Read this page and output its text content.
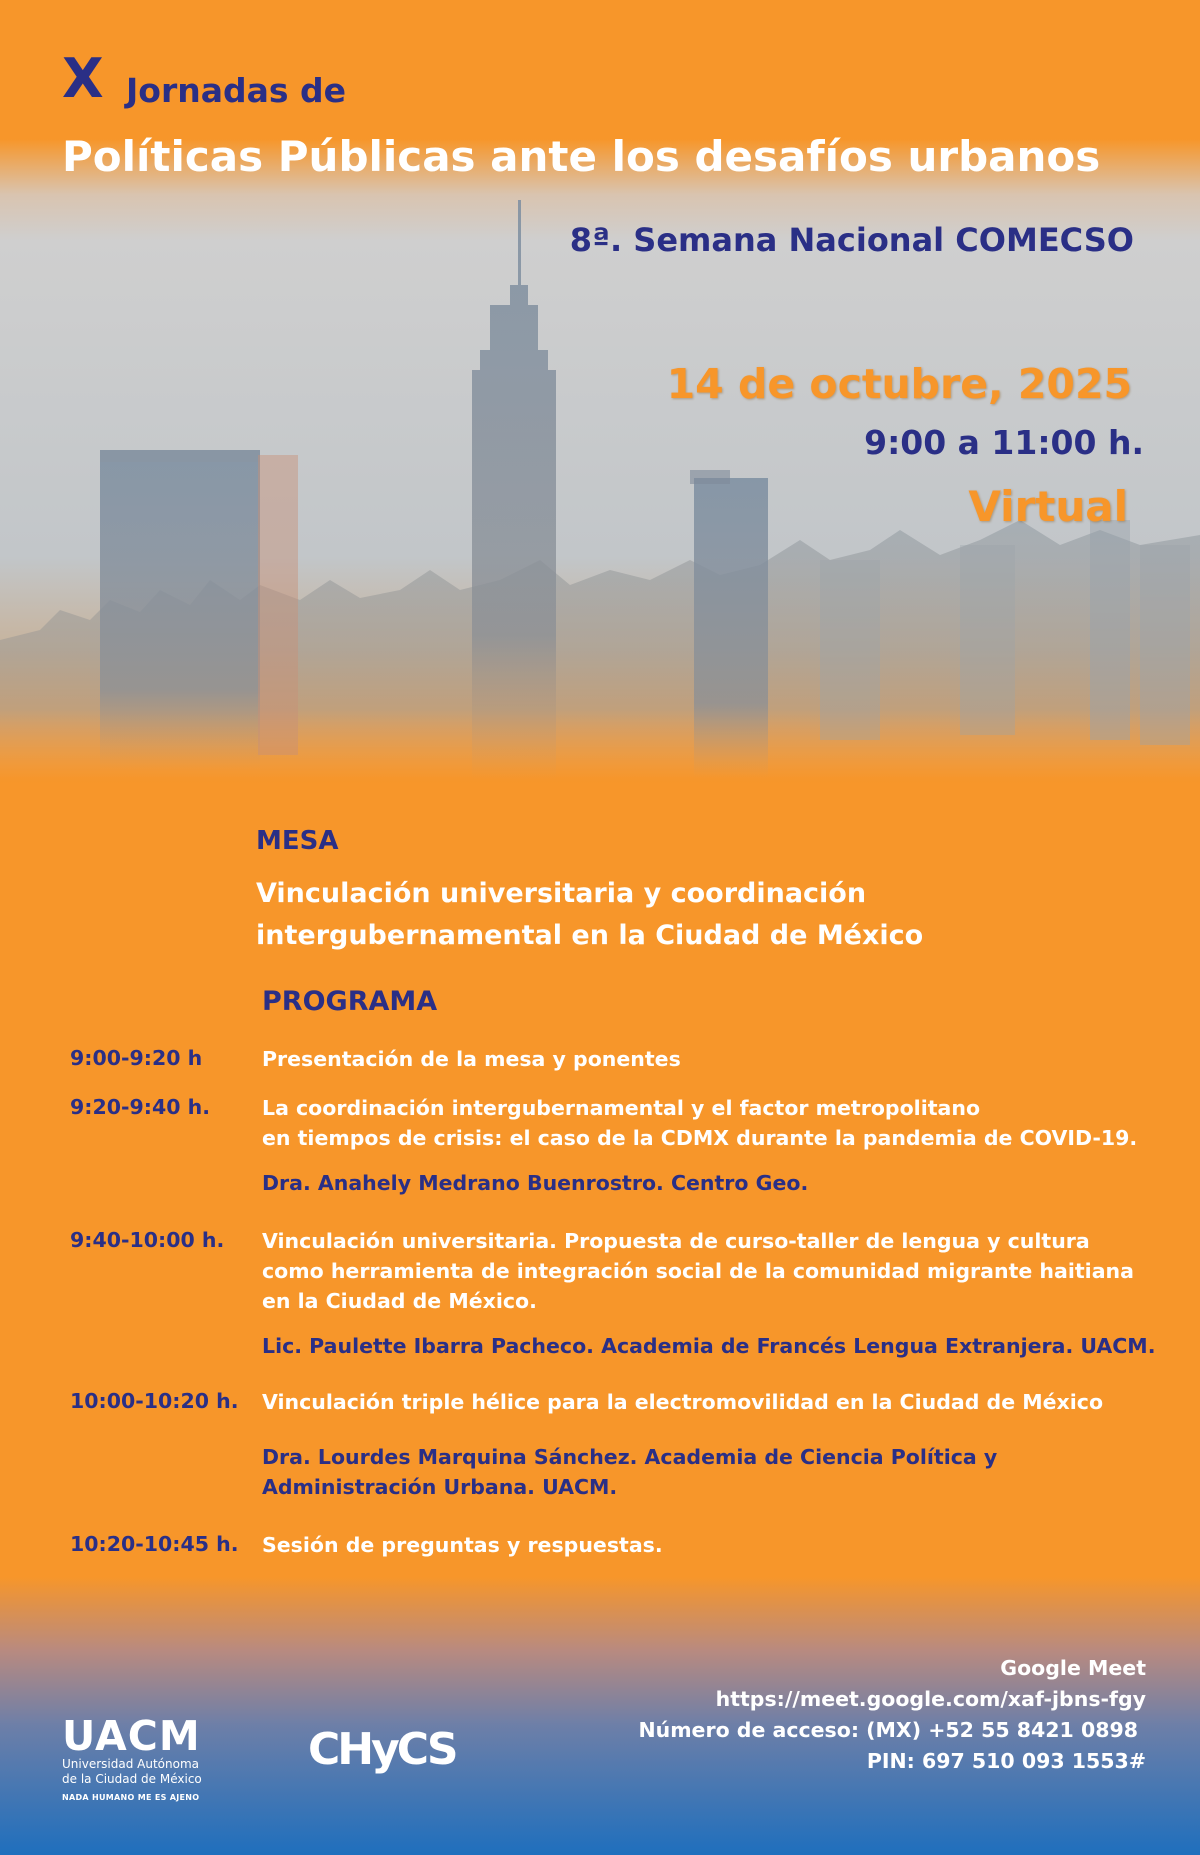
X Jornadas de
Políticas Públicas ante los desafíos urbanos
8ª. Semana Nacional COMECSO
14 de octubre, 2025
9:00 a 11:00 h.
Virtual
MESA
Vinculación universitaria y coordinación
intergubernamental en la Ciudad de México
PROGRAMA
9:00-9:20 h	Presentación de la mesa y ponentes
9:20-9:40 h.	La coordinación intergubernamental y el factor metropolitano
en tiempos de crisis: el caso de la CDMX durante la pandemia de COVID-19.
Dra. Anahely Medrano Buenrostro. Centro Geo.
9:40-10:00 h. Vinculación universitaria. Propuesta de curso-taller de lengua y cultura
como herramienta de integración social de la comunidad migrante haitiana
en la Ciudad de México.
Lic. Paulette Ibarra Pacheco. Academia de Francés Lengua Extranjera. UACM.
10:00-10:20 h. Vinculación triple hélice para la electromovilidad en la Ciudad de México
Dra. Lourdes Marquina Sánchez. Academia de Ciencia Política y
Administración Urbana. UACM.
10:20-10:45 h. Sesión de preguntas y respuestas.
Google Meet
https://meet.google.com/xaf-jbns-fgy
Número de acceso: (MX) +52 55 8421 0898
PIN: 697 510 093 1553#
UACM
Universidad Autónoma
de la Ciudad de México
NADA HUMANO ME ES AJENO
CHyCS
